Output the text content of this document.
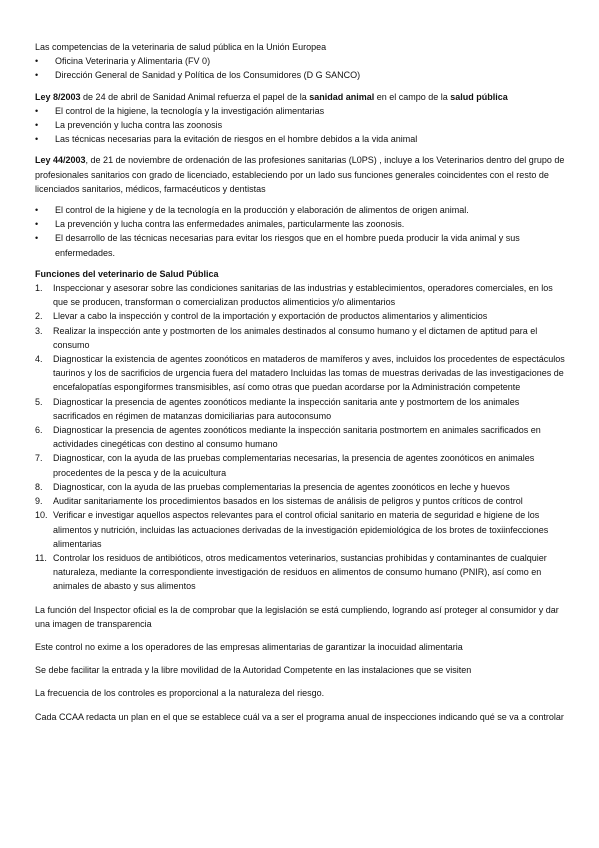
Las competencias de la veterinaria de salud pública en la Unión Europea

•	Oficina Veterinaria y Alimentaria (FV 0)
•	Dirección General de Sanidad y Política de los Consumidores (D G SANCO)

Ley 8/2003 de 24 de abril de Sanidad Animal refuerza el papel de la sanidad animal en el campo de la salud pública

•	El control de la higiene, la tecnología y la investigación alimentarias
•	La prevención y lucha contra las zoonosis
•	Las técnicas necesarias para la evitación de riesgos en el hombre debidos a la vida animal

Ley 44/2003, de 21 de noviembre de ordenación de las profesiones sanitarias (L0PS) , incluye a los Veterinarios dentro del grupo de profesionales sanitarios con grado de licenciado, estableciendo por un lado sus funciones generales coincidentes con el resto de licenciados sanitarios, médicos, farmacéuticos y dentistas

•	El control de la higiene y de la tecnología en la producción y elaboración de alimentos de origen animal.
•	La prevención y lucha contra las enfermedades animales, particularmente las zoonosis.
•	El desarrollo de las técnicas necesarias para evitar los riesgos que en el hombre pueda producir la vida animal y sus enfermedades.

Funciones del veterinario de Salud Pública

1. Inspeccionar y asesorar sobre las condiciones sanitarias de las industrias y establecimientos, operadores comerciales, en los que se producen, transforman o comercializan productos alimenticios y/o alimentarios
2. Llevar a cabo la inspección y control de la importación y exportación de productos alimentarios y alimenticios
3. Realizar la inspección ante y postmorten de los animales destinados al consumo humano y el dictamen de aptitud para el consumo
4. Diagnosticar la existencia de agentes zoonóticos en mataderos de mamíferos y aves, incluidos los procedentes de espectáculos taurinos y los de sacrificios de urgencia fuera del matadero Incluidas las tomas de muestras derivadas de las investigaciones de encefalopatías espongiformes transmisibles, así como otras que puedan acordarse por la Administración competente
5. Diagnosticar la presencia de agentes zoonóticos mediante la inspección sanitaria ante y postmortem de los animales sacrificados en régimen de matanzas domiciliarias para autoconsumo
6. Diagnosticar la presencia de agentes zoonóticos mediante la inspección sanitaria postmortem en animales sacrificados en actividades cinegéticas con destino al consumo humano
7. Diagnosticar, con la ayuda de las pruebas complementarias necesarias, la presencia de agentes zoonóticos en animales procedentes de la pesca y de la acuicultura
8. Diagnosticar, con la ayuda de las pruebas complementarias la presencia de agentes zoonóticos en leche y huevos
9. Auditar sanitariamente los procedimientos basados en los sistemas de análisis de peligros y puntos críticos de control
10. Verificar e investigar aquellos aspectos relevantes para el control oficial sanitario en materia de seguridad e higiene de los alimentos y nutrición, incluidas las actuaciones derivadas de la investigación epidemiológica de los brotes de toxiinfecciones alimentarias
11. Controlar los residuos de antibióticos, otros medicamentos veterinarios, sustancias prohibidas y contaminantes de cualquier naturaleza, mediante la correspondiente investigación de residuos en alimentos de consumo humano (PNIR), así como en animales de abasto y sus alimentos

La función del Inspector oficial es la de comprobar que la legislación se está cumpliendo, logrando así proteger al consumidor y dar una imagen de transparencia

Este control no exime a los operadores de las empresas alimentarias de garantizar la inocuidad alimentaria

Se debe facilitar la entrada y la libre movilidad de la Autoridad Competente en las instalaciones que se visiten

La frecuencia de los controles es proporcional a la naturaleza del riesgo.

Cada CCAA redacta un plan en el que se establece cuál va a ser el programa anual de inspecciones indicando qué se va a controlar
